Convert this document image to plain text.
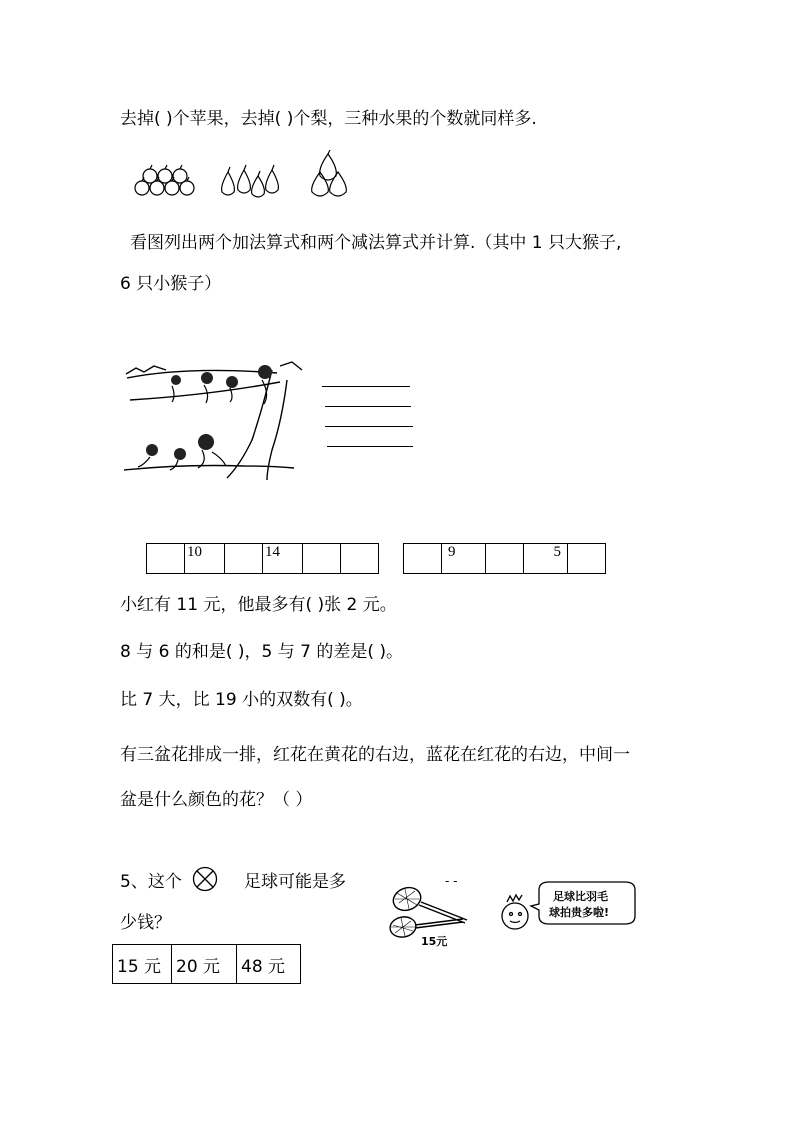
去掉( )个苹果，去掉( )个梨，三种水果的个数就同样多.
看图列出两个加法算式和两个减法算式并计算.（其中 1 只大猴子,
6 只小猴子）
	10		14		
		9		5	
小红有 11 元，他最多有( )张 2 元。
8 与 6 的和是( )，5 与 7 的差是( )。
比 7 大，比 19 小的双数有( )。
有三盆花排成一排，红花在黄花的右边，蓝花在红花的右边，中间一
盆是什么颜色的花？（ ）
5、这个	足球可能是多
少钱？
15 元	20 元	48 元
- -
15元
足球比羽毛
球拍贵多啦!
